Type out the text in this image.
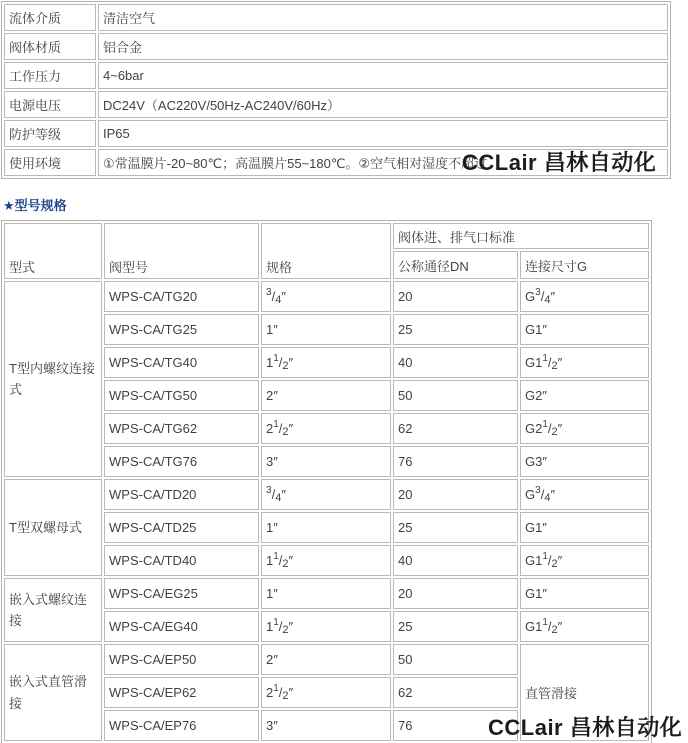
流体介质	清洁空气
阀体材质	铝合金
工作压力	4~6bar
电源电压	DC24V（AC220V/50Hz-AC240V/60Hz）
防护等级	IP65
使用环境	①常温膜片-20~80℃；高温膜片55~180℃。②空气相对湿度不超过
★型号规格
型式	阀型号	规格	阀体进、排气口标准	
			公称通径DN	连接尺寸G
T型内螺纹连接式	WPS-CA/TG20	$^3/_4''$	20	$G^3/_4''$
	WPS-CA/TG25	1″	25	G1″
	WPS-CA/TG40	$1^1/_2''$	40	$G1^1/_2''$
	WPS-CA/TG50	2″	50	G2″
	WPS-CA/TG62	$2^1/_2''$	62	$G2^1/_2''$
	WPS-CA/TG76	3″	76	G3″
T型双螺母式	WPS-CA/TD20	$^3/_4''$	20	$G^3/_4''$
	WPS-CA/TD25	1″	25	G1″
	WPS-CA/TD40	$1^1/_2''$	40	$G1^1/_2''$
嵌入式螺纹连接	WPS-CA/EG25	1″	20	G1″
	WPS-CA/EG40	$1^1/_2''$	25	$G1^1/_2''$
嵌入式直管滑接	WPS-CA/EP50	2″	50	直管滑接
	WPS-CA/EP62	$2^1/_2''$	62	
	WPS-CA/EP76	3″	76	
CCLair 昌林自动化
CCLair 昌林自动化
